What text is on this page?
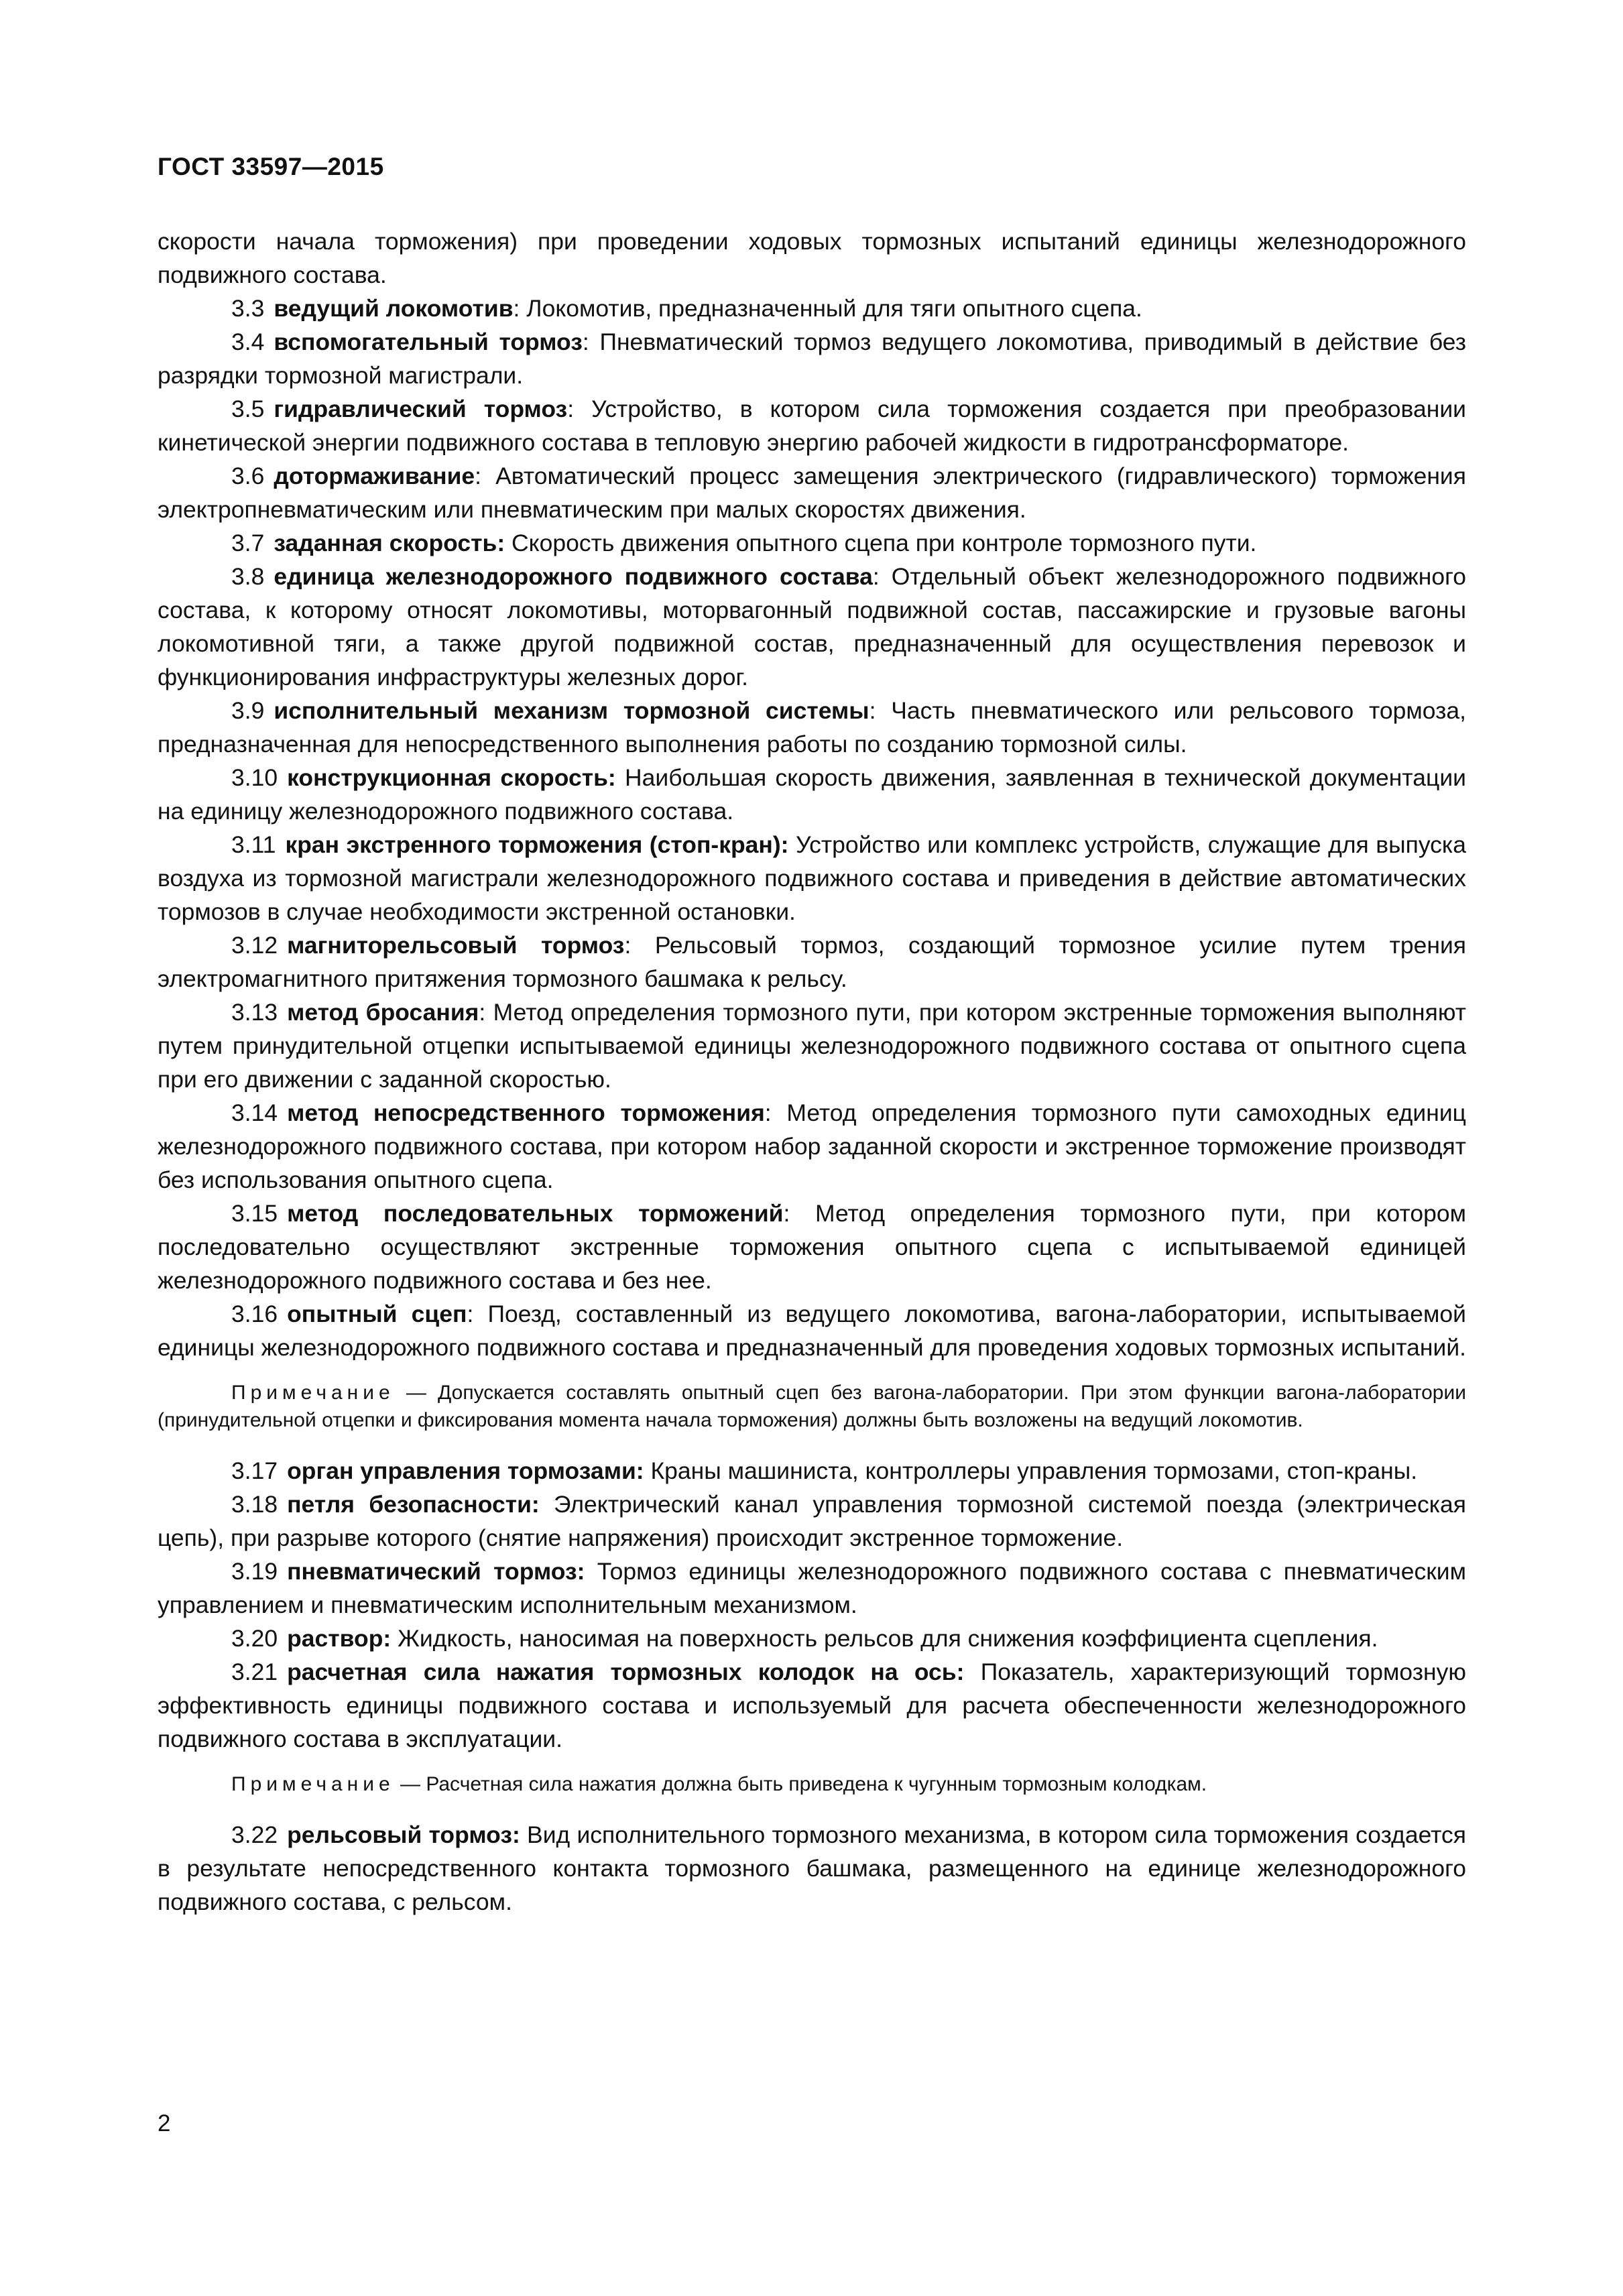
ГОСТ 33597—2015

скорости начала торможения) при проведении ходовых тормозных испытаний единицы железнодорожного подвижного состава.

3.3 ведущий локомотив: Локомотив, предназначенный для тяги опытного сцепа.

3.4 вспомогательный тормоз: Пневматический тормоз ведущего локомотива, приводимый в действие без разрядки тормозной магистрали.

3.5 гидравлический тормоз: Устройство, в котором сила торможения создается при преобразовании кинетической энергии подвижного состава в тепловую энергию рабочей жидкости в гидротрансформаторе.

3.6 дотормаживание: Автоматический процесс замещения электрического (гидравлического) торможения электропневматическим или пневматическим при малых скоростях движения.

3.7 заданная скорость: Скорость движения опытного сцепа при контроле тормозного пути.

3.8 единица железнодорожного подвижного состава: Отдельный объект железнодорожного подвижного состава, к которому относят локомотивы, моторвагонный подвижной состав, пассажирские и грузовые вагоны локомотивной тяги, а также другой подвижной состав, предназначенный для осуществления перевозок и функционирования инфраструктуры железных дорог.

3.9 исполнительный механизм тормозной системы: Часть пневматического или рельсового тормоза, предназначенная для непосредственного выполнения работы по созданию тормозной силы.

3.10 конструкционная скорость: Наибольшая скорость движения, заявленная в технической документации на единицу железнодорожного подвижного состава.

3.11 кран экстренного торможения (стоп-кран): Устройство или комплекс устройств, служащие для выпуска воздуха из тормозной магистрали железнодорожного подвижного состава и приведения в действие автоматических тормозов в случае необходимости экстренной остановки.

3.12 магниторельсовый тормоз: Рельсовый тормоз, создающий тормозное усилие путем трения электромагнитного притяжения тормозного башмака к рельсу.

3.13 метод бросания: Метод определения тормозного пути, при котором экстренные торможения выполняют путем принудительной отцепки испытываемой единицы железнодорожного подвижного состава от опытного сцепа при его движении с заданной скоростью.

3.14 метод непосредственного торможения: Метод определения тормозного пути самоходных единиц железнодорожного подвижного состава, при котором набор заданной скорости и экстренное торможение производят без использования опытного сцепа.

3.15 метод последовательных торможений: Метод определения тормозного пути, при котором последовательно осуществляют экстренные торможения опытного сцепа с испытываемой единицей железнодорожного подвижного состава и без нее.

3.16 опытный сцеп: Поезд, составленный из ведущего локомотива, вагона-лаборатории, испытываемой единицы железнодорожного подвижного состава и предназначенный для проведения ходовых тормозных испытаний.

Примечание — Допускается составлять опытный сцеп без вагона-лаборатории. При этом функции вагона-лаборатории (принудительной отцепки и фиксирования момента начала торможения) должны быть возложены на ведущий локомотив.

3.17 орган управления тормозами: Краны машиниста, контроллеры управления тормозами, стоп-краны.

3.18 петля безопасности: Электрический канал управления тормозной системой поезда (электрическая цепь), при разрыве которого (снятие напряжения) происходит экстренное торможение.

3.19 пневматический тормоз: Тормоз единицы железнодорожного подвижного состава с пневматическим управлением и пневматическим исполнительным механизмом.

3.20 раствор: Жидкость, наносимая на поверхность рельсов для снижения коэффициента сцепления.

3.21 расчетная сила нажатия тормозных колодок на ось: Показатель, характеризующий тормозную эффективность единицы подвижного состава и используемый для расчета обеспеченности железнодорожного подвижного состава в эксплуатации.

Примечание — Расчетная сила нажатия должна быть приведена к чугунным тормозным колодкам.

3.22 рельсовый тормоз: Вид исполнительного тормозного механизма, в котором сила торможения создается в результате непосредственного контакта тормозного башмака, размещенного на единице железнодорожного подвижного состава, с рельсом.

2
